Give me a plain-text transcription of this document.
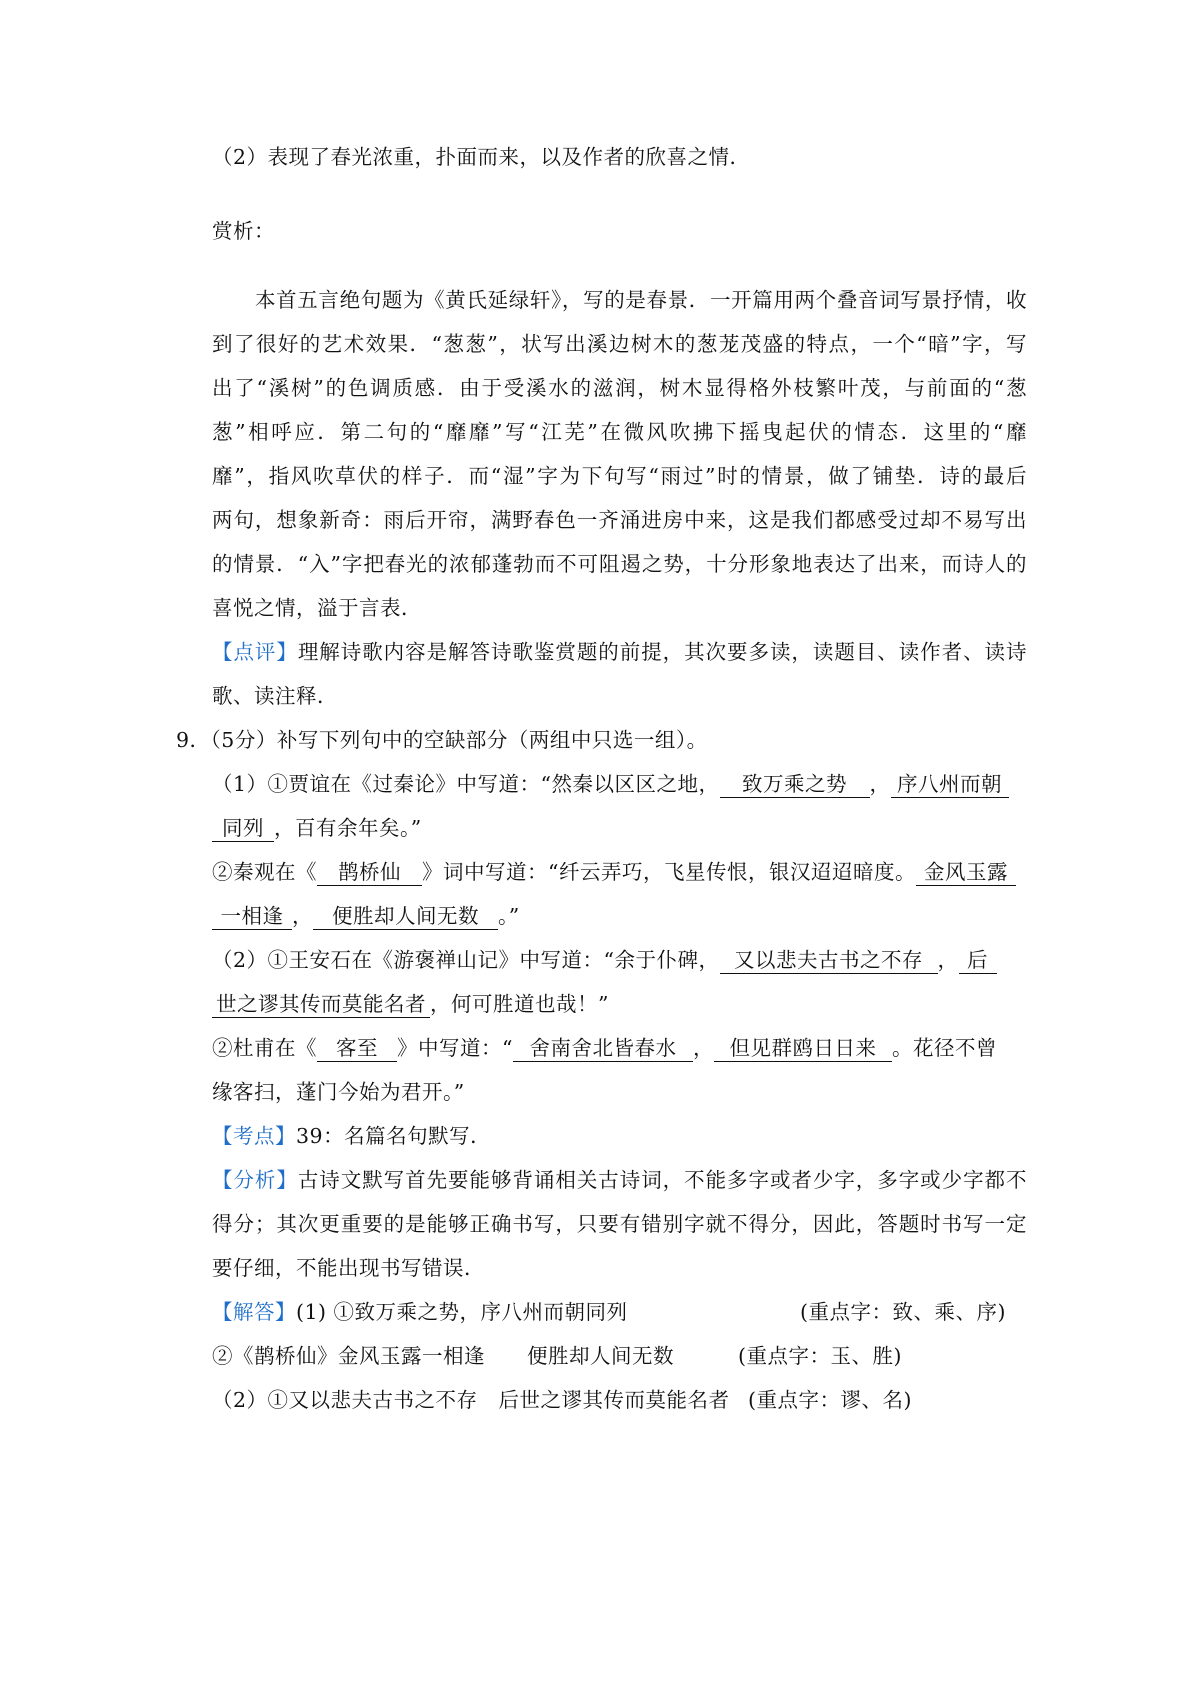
（2）表现了春光浓重，扑面而来，以及作者的欣喜之情．
赏析：
本首五言绝句题为《黄氏延绿轩》，写的是春景．一开篇用两个叠音词写景抒情，收
到了很好的艺术效果．“葱葱”，状写出溪边树木的葱茏茂盛的特点，一个“暗”字，写
出了“溪树”的色调质感．由于受溪水的滋润，树木显得格外枝繁叶茂，与前面的“葱
葱”相呼应．第二句的“靡靡”写“江芜”在微风吹拂下摇曳起伏的情态．这里的“靡
靡”，指风吹草伏的样子．而“湿”字为下句写“雨过”时的情景，做了铺垫．诗的最后
两句，想象新奇：雨后开帘，满野春色一齐涌进房中来，这是我们都感受过却不易写出
的情景．“入”字把春光的浓郁蓬勃而不可阻遏之势，十分形象地表达了出来，而诗人的
喜悦之情，溢于言表．
【点评】理解诗歌内容是解答诗歌鉴赏题的前提，其次要多读，读题目、读作者、读诗
歌、读注释．
9．（5分）补写下列句中的空缺部分（两组中只选一组）。
（1）①贾谊在《过秦论》中写道：“然秦以区区之地， 致万乘之势 ， 序八州而朝
同列 ，百有余年矣。”
②秦观在《 鹊桥仙 》词中写道：“纤云弄巧，飞星传恨，银汉迢迢暗度。 金风玉露
一相逢 ， 便胜却人间无数 。”
（2）①王安石在《游褒禅山记》中写道：“余于仆碑， 又以悲夫古书之不存 ， 后
世之谬其传而莫能名者 ，何可胜道也哉！”
②杜甫在《 客至 》中写道：“ 舍南舍北皆春水 ， 但见群鸥日日来 。花径不曾
缘客扫，蓬门今始为君开。”
【考点】39：名篇名句默写．
【分析】古诗文默写首先要能够背诵相关古诗词，不能多字或者少字，多字或少字都不
得分；其次更重要的是能够正确书写，只要有错别字就不得分，因此，答题时书写一定
要仔细，不能出现书写错误．
【解答】(1) ①致万乘之势，序八州而朝同列	(重点字：致、乘、序)
②《鹊桥仙》金风玉露一相逢　　便胜却人间无数	(重点字：玉、胜)
（2）①又以悲夫古书之不存　后世之谬其传而莫能名者 (重点字：谬、名)
